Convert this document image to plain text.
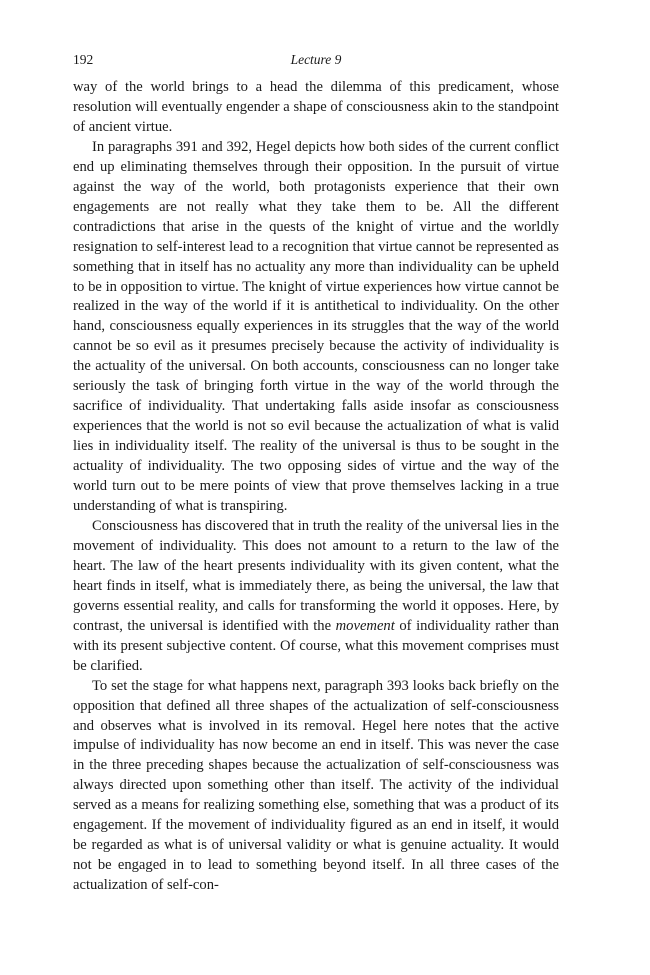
192	Lecture 9

way of the world brings to a head the dilemma of this predicament, whose resolution will eventually engender a shape of consciousness akin to the standpoint of ancient virtue.

In paragraphs 391 and 392, Hegel depicts how both sides of the current conflict end up eliminating themselves through their opposition. In the pursuit of virtue against the way of the world, both protagonists experience that their own engagements are not really what they take them to be. All the different contradictions that arise in the quests of the knight of virtue and the worldly resignation to self-interest lead to a recognition that virtue cannot be represented as something that in itself has no actuality any more than individuality can be upheld to be in opposition to virtue. The knight of virtue experiences how virtue cannot be realized in the way of the world if it is antithetical to individuality. On the other hand, consciousness equally experiences in its struggles that the way of the world cannot be so evil as it presumes precisely because the activity of individuality is the actuality of the universal. On both accounts, consciousness can no longer take seriously the task of bringing forth virtue in the way of the world through the sacrifice of individuality. That undertaking falls aside insofar as consciousness experiences that the world is not so evil because the actualization of what is valid lies in individuality itself. The reality of the universal is thus to be sought in the actuality of individuality. The two opposing sides of virtue and the way of the world turn out to be mere points of view that prove themselves lacking in a true understanding of what is transpiring.

Consciousness has discovered that in truth the reality of the universal lies in the movement of individuality. This does not amount to a return to the law of the heart. The law of the heart presents individuality with its given content, what the heart finds in itself, what is immediately there, as being the universal, the law that governs essential reality, and calls for transforming the world it opposes. Here, by contrast, the universal is identified with the movement of individuality rather than with its present subjective content. Of course, what this movement comprises must be clarified.

To set the stage for what happens next, paragraph 393 looks back briefly on the opposition that defined all three shapes of the actualization of self-consciousness and observes what is involved in its removal. Hegel here notes that the active impulse of individuality has now become an end in itself. This was never the case in the three preceding shapes because the actualization of self-consciousness was always directed upon something other than itself. The activity of the individual served as a means for realizing something else, something that was a product of its engagement. If the movement of individuality figured as an end in itself, it would be regarded as what is of universal validity or what is genuine actuality. It would not be engaged in to lead to something beyond itself. In all three cases of the actualization of self-con-
